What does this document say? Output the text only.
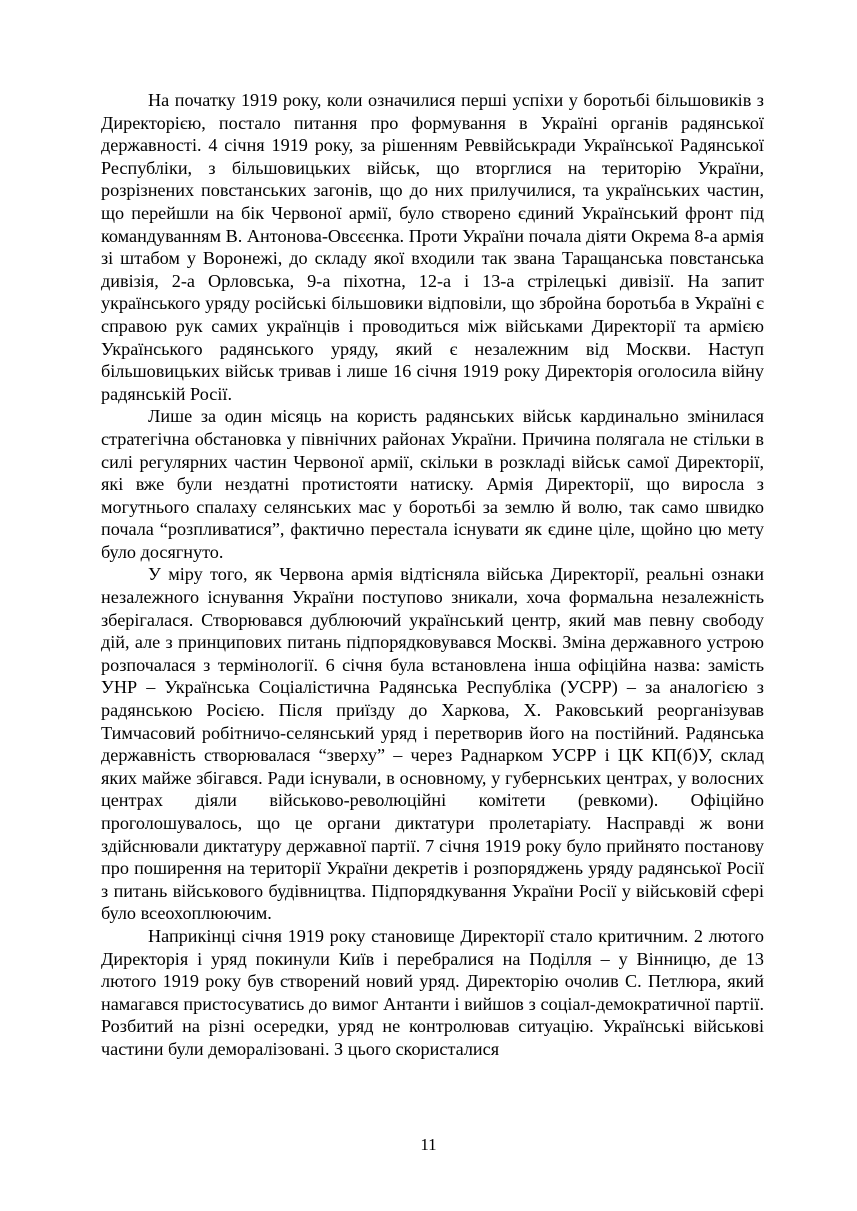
На початку 1919 року, коли означилися перші успіхи у боротьбі більшовиків з Директорією, постало питання про формування в Україні органів радянської державності. 4 січня 1919 року, за рішенням Реввійськради Української Радянської Республіки, з більшовицьких військ, що вторглися на територію України, розрізнених повстанських загонів, що до них прилучилися, та українських частин, що перейшли на бік Червоної армії, було створено єдиний Український фронт під командуванням В. Антонова-Овсєєнка. Проти України почала діяти Окрема 8-а армія зі штабом у Воронежі, до складу якої входили так звана Таращанська повстанська дивізія, 2-а Орловська, 9-а піхотна, 12-а і 13-а стрілецькі дивізії. На запит українського уряду російські більшовики відповіли, що збройна боротьба в Україні є справою рук самих українців і проводиться між військами Директорії та армією Українського радянського уряду, який є незалежним від Москви. Наступ більшовицьких військ тривав і лише 16 січня 1919 року Директорія оголосила війну радянській Росії.

Лише за один місяць на користь радянських військ кардинально змінилася стратегічна обстановка у північних районах України. Причина полягала не стільки в силі регулярних частин Червоної армії, скільки в розкладі військ самої Директорії, які вже були нездатні протистояти натиску. Армія Директорії, що виросла з могутнього спалаху селянських мас у боротьбі за землю й волю, так само швидко почала “розпливатися”, фактично перестала існувати як єдине ціле, щойно цю мету було досягнуто.

У міру того, як Червона армія відтісняла війська Директорії, реальні ознаки незалежного існування України поступово зникали, хоча формальна незалежність зберігалася. Створювався дублюючий український центр, який мав певну свободу дій, але з принципових питань підпорядковувався Москві. Зміна державного устрою розпочалася з термінології. 6 січня була встановлена інша офіційна назва: замість УНР – Українська Соціалістична Радянська Республіка (УСРР) – за аналогією з радянською Росією. Після приїзду до Харкова, Х. Раковський реорганізував Тимчасовий робітничо-селянський уряд і перетворив його на постійний. Радянська державність створювалася “зверху” – через Раднарком УСРР і ЦК КП(б)У, склад яких майже збігався. Ради існували, в основному, у губернських центрах, у волосних центрах діяли військово-революційні комітети (ревкоми). Офіційно проголошувалось, що це органи диктатури пролетаріату. Насправді ж вони здійснювали диктатуру державної партії. 7 січня 1919 року було прийнято постанову про поширення на території України декретів і розпоряджень уряду радянської Росії з питань військового будівництва. Підпорядкування України Росії у військовій сфері було всеохоплюючим.

Наприкінці січня 1919 року становище Директорії стало критичним. 2 лютого Директорія і уряд покинули Київ і перебралися на Поділля – у Вінницю, де 13 лютого 1919 року був створений новий уряд. Директорію очолив С. Петлюра, який намагався пристосуватись до вимог Антанти і вийшов з соціал-демократичної партії. Розбитий на різні осередки, уряд не контролював ситуацію. Українські військові частини були деморалізовані. З цього скористалися

11
